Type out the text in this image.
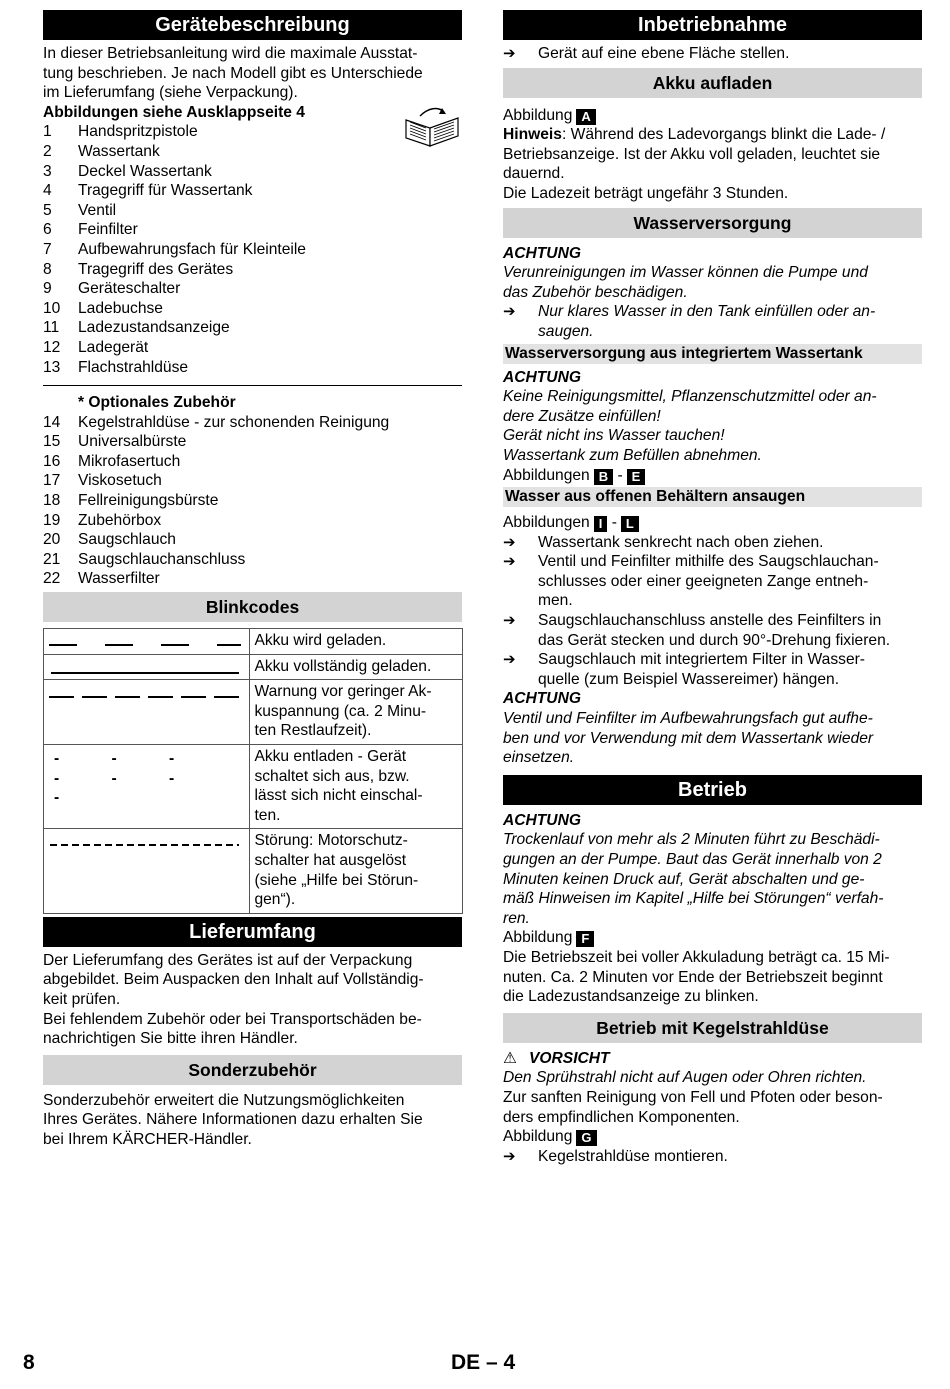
Gerätebeschreibung

In dieser Betriebsanleitung wird die maximale Ausstat-

tung beschrieben. Je nach Modell gibt es Unterschiede

im Lieferumfang (siehe Verpackung).

Abbildungen siehe Ausklappseite 4

1	Handspritzpistole
2	Wassertank
3	Deckel Wassertank
4	Tragegriff für Wassertank
5	Ventil
6	Feinfilter
7	Aufbewahrungsfach für Kleinteile
8	Tragegriff des Gerätes
9	Geräteschalter
10	Ladebuchse
11	Ladezustandsanzeige
12	Ladegerät
13	Flachstrahldüse

* Optionales Zubehör

14	Kegelstrahldüse - zur schonenden Reinigung
15	Universalbürste
16	Mikrofasertuch
17	Viskosetuch
18	Fellreinigungsbürste
19	Zubehörbox
20	Saugschlauch
21	Saugschlauchanschluss
22	Wasserfilter
Blinkcodes

	Akku wird geladen.

	Akku vollständig geladen.

	Warnung vor geringer Ak-
kuspannung (ca. 2 Minu-
ten Restlaufzeit).

- - - - - - -	Akku entladen - Gerät
schaltet sich aus, bzw.
lässt sich nicht einschal-
ten.

	Störung: Motorschutz-
schalter hat ausgelöst
(siehe „Hilfe bei Störun-
gen“).
Lieferumfang

Der Lieferumfang des Gerätes ist auf der Verpackung

abgebildet. Beim Auspacken den Inhalt auf Vollständig-

keit prüfen.

Bei fehlendem Zubehör oder bei Transportschäden be-

nachrichtigen Sie bitte ihren Händler.

Sonderzubehör

Sonderzubehör erweitert die Nutzungsmöglichkeiten

Ihres Gerätes. Nähere Informationen dazu erhalten Sie

bei Ihrem KÄRCHER-Händler.

Inbetriebnahme
➔	Gerät auf eine ebene Fläche stellen.
Akku aufladen

Abbildung A

Hinweis: Während des Ladevorgangs blinkt die Lade- /

Betriebsanzeige. Ist der Akku voll geladen, leuchtet sie

dauernd.

Die Ladezeit beträgt ungefähr 3 Stunden.

Wasserversorgung

ACHTUNG

Verunreinigungen im Wasser können die Pumpe und

das Zubehör beschädigen.

➔	Nur klares Wasser in den Tank einfüllen oder an-
saugen.
Wasserversorgung aus integriertem Wassertank

ACHTUNG

Keine Reinigungsmittel, Pflanzenschutzmittel oder an-

dere Zusätze einfüllen!

Gerät nicht ins Wasser tauchen!

Wassertank zum Befüllen abnehmen.

Abbildungen B - E

Wasser aus offenen Behältern ansaugen

Abbildungen I - L

➔	Wassertank senkrecht nach oben ziehen.
➔	Ventil und Feinfilter mithilfe des Saugschlauchan-
schlusses oder einer geeigneten Zange entneh-
men.
➔	Saugschlauchanschluss anstelle des Feinfilters in
das Gerät stecken und durch 90°-Drehung fixieren.
➔	Saugschlauch mit integriertem Filter in Wasser-
quelle (zum Beispiel Wassereimer) hängen.

ACHTUNG

Ventil und Feinfilter im Aufbewahrungsfach gut aufhe-

ben und vor Verwendung mit dem Wassertank wieder

einsetzen.

Betrieb

ACHTUNG

Trockenlauf von mehr als 2 Minuten führt zu Beschädi-

gungen an der Pumpe. Baut das Gerät innerhalb von 2

Minuten keinen Druck auf, Gerät abschalten und ge-

mäß Hinweisen im Kapitel „Hilfe bei Störungen“ verfah-

ren.

Abbildung F

Die Betriebszeit bei voller Akkuladung beträgt ca. 15 Mi-

nuten. Ca. 2 Minuten vor Ende der Betriebszeit beginnt

die Ladezustandsanzeige zu blinken.

Betrieb mit Kegelstrahldüse

⚠ VORSICHT

Den Sprühstrahl nicht auf Augen oder Ohren richten.

Zur sanften Reinigung von Fell und Pfoten oder beson-

ders empfindlichen Komponenten.

Abbildung G

➔	Kegelstrahldüse montieren.
8	DE – 4
